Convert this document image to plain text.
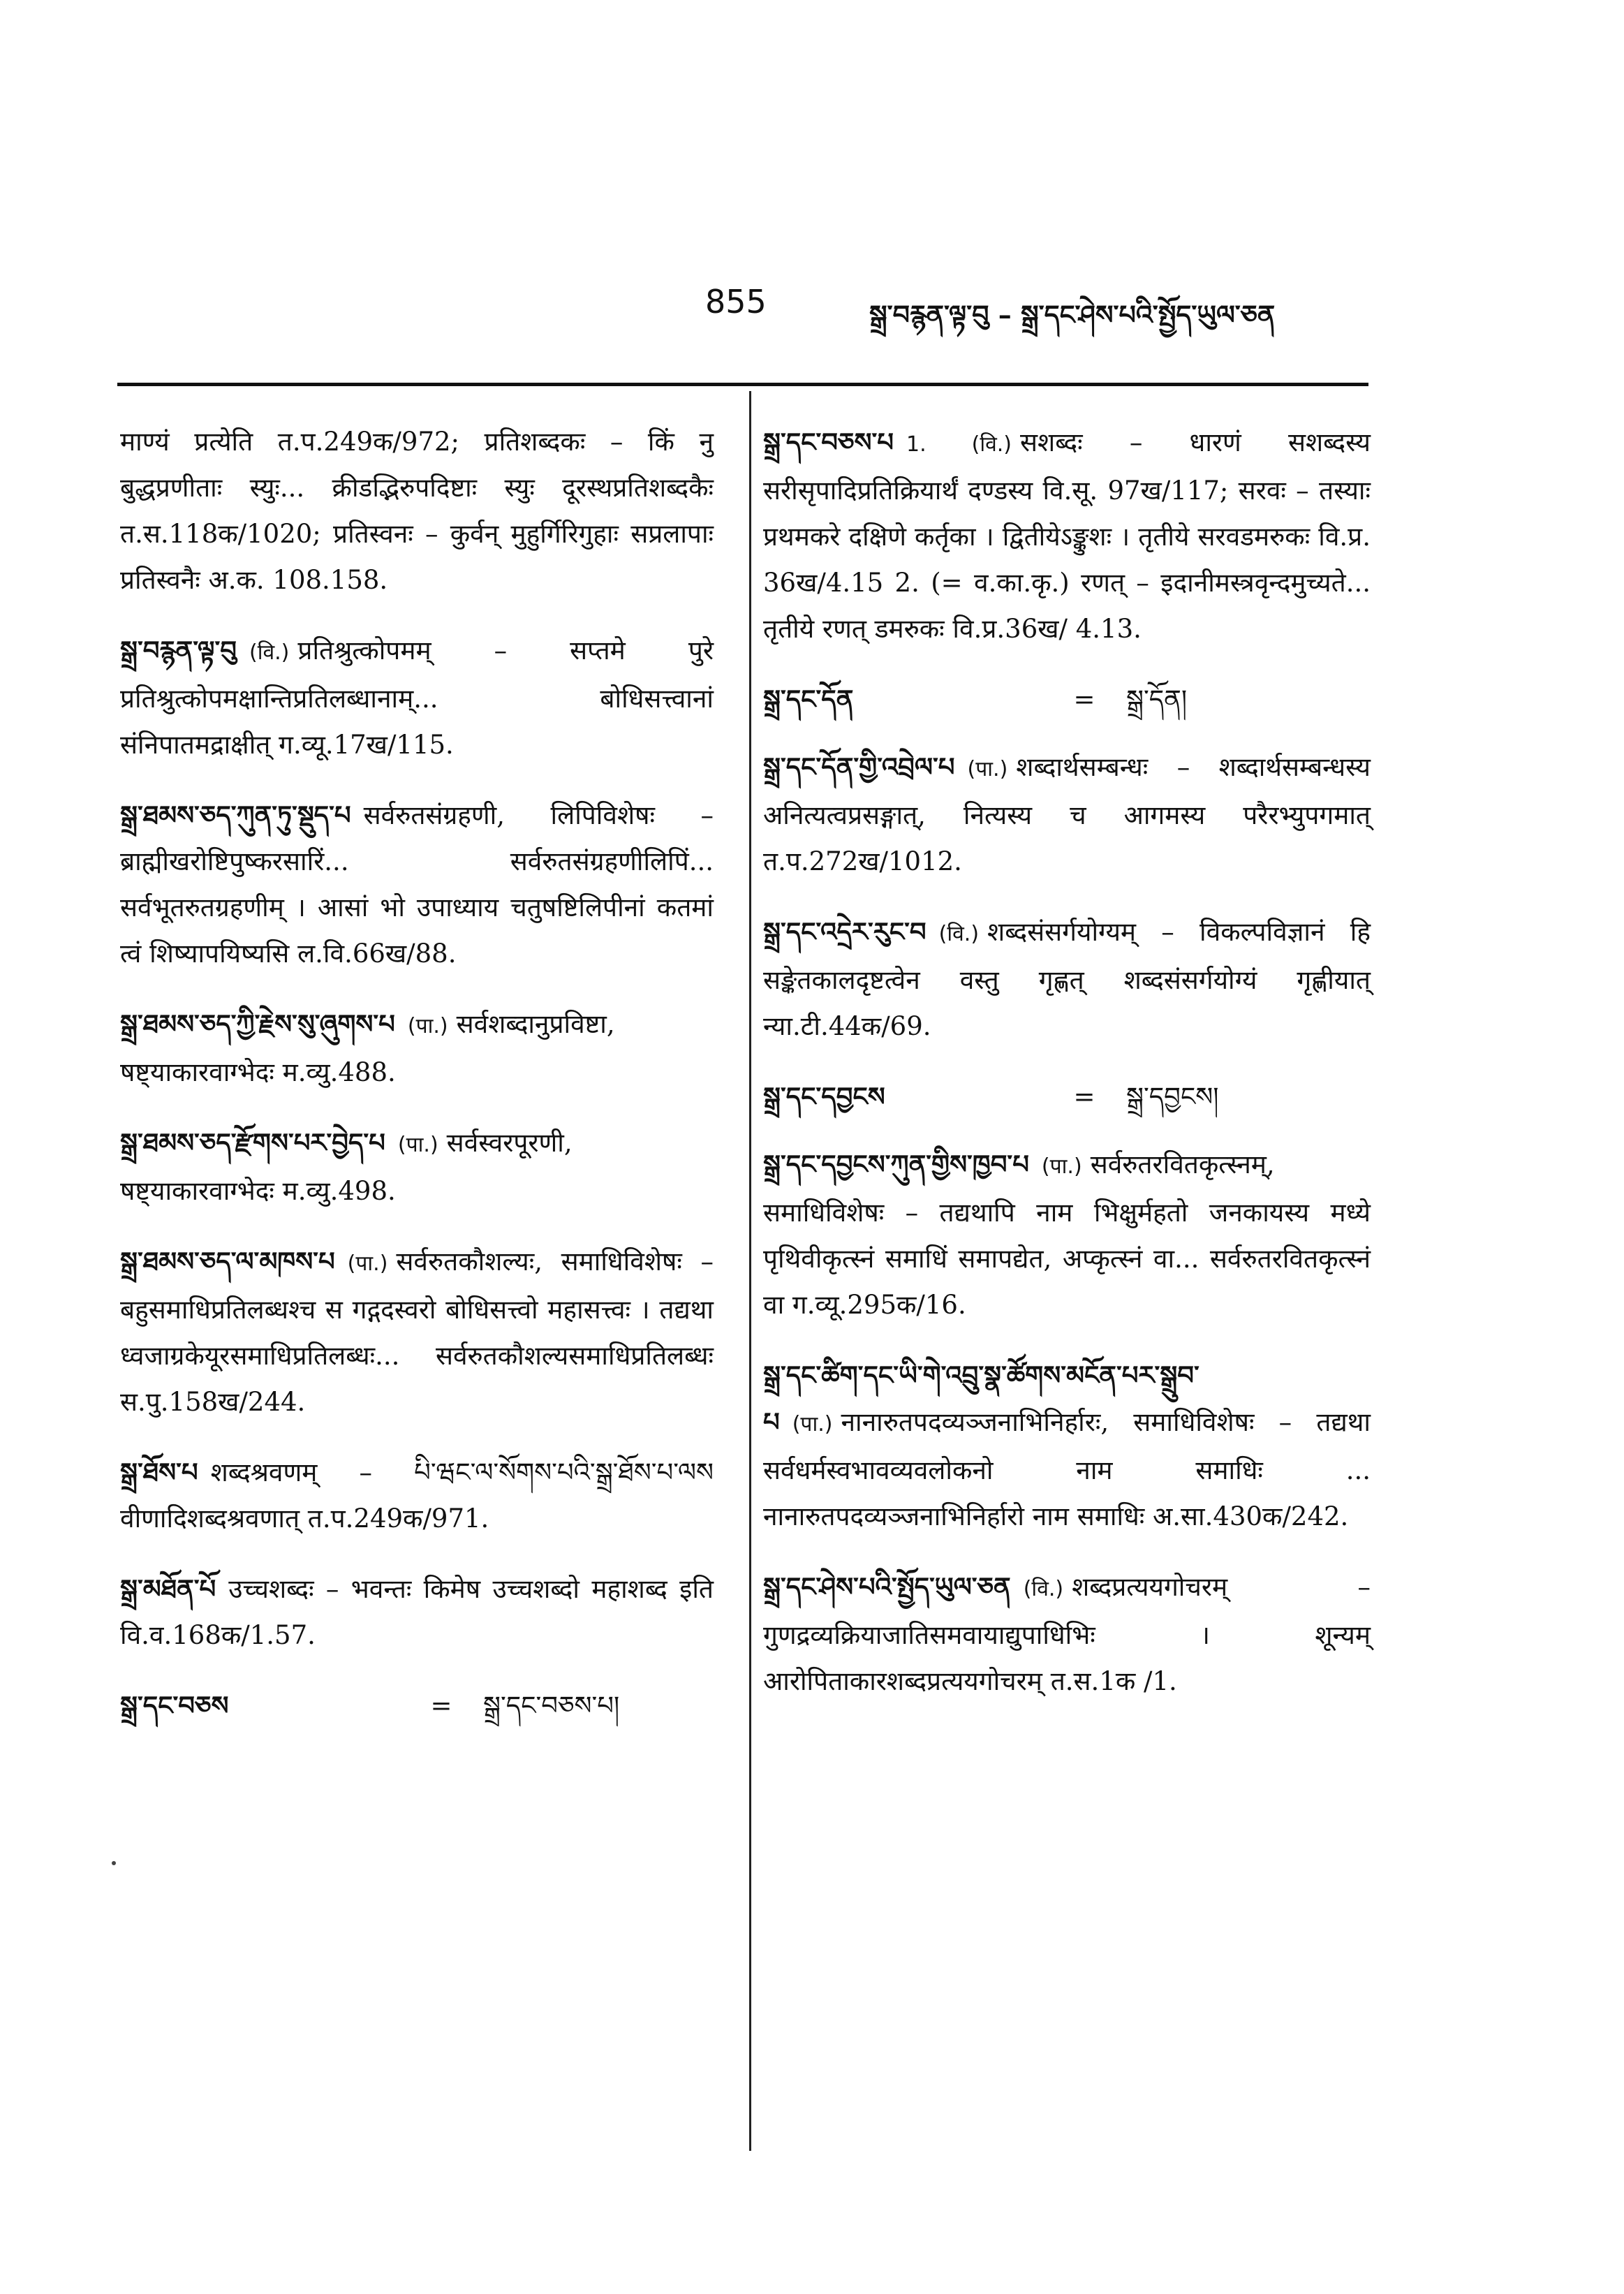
855	སྒྲ་བརྙན་ལྟ་བུ – སྒྲ་དང་ཤེས་པའི་སྤྱོད་ཡུལ་ཅན
माण्यं प्रत्येति त.प.249क/972; प्रतिशब्दकः – किं नु बुद्धप्रणीताः स्युः... क्रीडद्भिरुपदिष्टाः स्युः दूरस्थप्रतिशब्दकैः त.स.118क/1020; प्रतिस्वनः – कुर्वन् मुहुर्गिरिगुहाः सप्रलापाः प्रतिस्वनैः अ.क. 108.158.
སྒྲ་བརྙན་ལྟ་བུ (वि.) प्रतिश्रुत्कोपमम् – सप्तमे पुरे प्रतिश्रुत्कोपमक्षान्तिप्रतिलब्धानाम्... बोधिसत्त्वानां संनिपातमद्राक्षीत् ग.व्यू.17ख/115.
སྒྲ་ཐམས་ཅད་ཀུན་ཏུ་སྡུད་པ सर्वरुतसंग्रहणी, लिपिविशेषः – ब्राह्मीखरोष्टिपुष्करसारिं... सर्वरुतसंग्रहणीलिपिं... सर्वभूतरुतग्रहणीम् । आसां भो उपाध्याय चतुषष्टिलिपीनां कतमां त्वं शिष्यापयिष्यसि ल.वि.66ख/88.
སྒྲ་ཐམས་ཅད་ཀྱི་རྗེས་སུ་ཞུགས་པ (पा.) सर्वशब्दानुप्रविष्टा, षष्ट्याकारवाग्भेदः म.व्यु.488.
སྒྲ་ཐམས་ཅད་རྫོགས་པར་བྱེད་པ (पा.) सर्वस्वरपूरणी, षष्ट्याकारवाग्भेदः म.व्यु.498.
སྒྲ་ཐམས་ཅད་ལ་མཁས་པ (पा.) सर्वरुतकौशल्यः, समाधिविशेषः – बहुसमाधिप्रतिलब्धश्च स गद्गदस्वरो बोधिसत्त्वो महासत्त्वः । तद्यथा ध्वजाग्रकेयूरसमाधिप्रतिलब्धः... सर्वरुतकौशल्यसमाधिप्रतिलब्धः स.पु.158ख/244.
སྒྲ་ཐོས་པ शब्दश्रवणम् – པི་ཝང་ལ་སོགས་པའི་སྒྲ་ཐོས་པ་ལས वीणादिशब्दश्रवणात् त.प.249क/971.
སྒྲ་མཐོན་པོ उच्चशब्दः – भवन्तः किमेष उच्चशब्दो महाशब्द इति वि.व.168क/1.57.
སྒྲ་དང་བཅས	= སྒྲ་དང་བཅས་པ།
སྒྲ་དང་བཅས་པ 1. (वि.) सशब्दः – धारणं सशब्दस्य सरीसृपादिप्रतिक्रियार्थं दण्डस्य वि.सू. 97ख/117; सरवः – तस्याः प्रथमकरे दक्षिणे कर्तृका । द्वितीयेऽङ्कुशः । तृतीये सरवडमरुकः वि.प्र. 36ख/4.15 2. (= व.का.कृ.) रणत् – इदानीमस्त्रवृन्दमुच्यते... तृतीये रणत् डमरुकः वि.प्र.36ख/ 4.13.
སྒྲ་དང་དོན	= སྒྲ་དོན།
སྒྲ་དང་དོན་གྱི་འབྲེལ་པ (पा.) शब्दार्थसम्बन्धः – शब्दार्थसम्बन्धस्य अनित्यत्वप्रसङ्गात्, नित्यस्य च आगमस्य परैरभ्युपगमात् त.प.272ख/1012.
སྒྲ་དང་འདྲེར་རུང་བ (वि.) शब्दसंसर्गयोग्यम् – विकल्पविज्ञानं हि सङ्केतकालदृष्टत्वेन वस्तु गृह्णत् शब्दसंसर्गयोग्यं गृह्णीयात् न्या.टी.44क/69.
སྒྲ་དང་དབྱངས	= སྒྲ་དབྱངས།
སྒྲ་དང་དབྱངས་ཀུན་གྱིས་ཁྱབ་པ (पा.) सर्वरुतरवितकृत्स्नम्, समाधिविशेषः – तद्यथापि नाम भिक्षुर्महतो जनकायस्य मध्ये पृथिवीकृत्स्नं समाधिं समापद्येत, अप्कृत्स्नं वा... सर्वरुतरवितकृत्स्नं वा ग.व्यू.295क/16.
སྒྲ་དང་ཚིག་དང་ཡི་གེ་འབྲུ་སྣ་ཚོགས་མངོན་པར་སྒྲུབ་པ (पा.) नानारुतपदव्यञ्जनाभिनिर्हारः, समाधिविशेषः – तद्यथा सर्वधर्मस्वभावव्यवलोकनो नाम समाधिः ... नानारुतपदव्यञ्जनाभिनिर्हारो नाम समाधिः अ.सा.430क/242.
སྒྲ་དང་ཤེས་པའི་སྤྱོད་ཡུལ་ཅན (वि.) शब्दप्रत्ययगोचरम् – गुणद्रव्यक्रियाजातिसमवायाद्युपाधिभिः । शून्यम् आरोपिताकारशब्दप्रत्ययगोचरम् त.स.1क /1.
